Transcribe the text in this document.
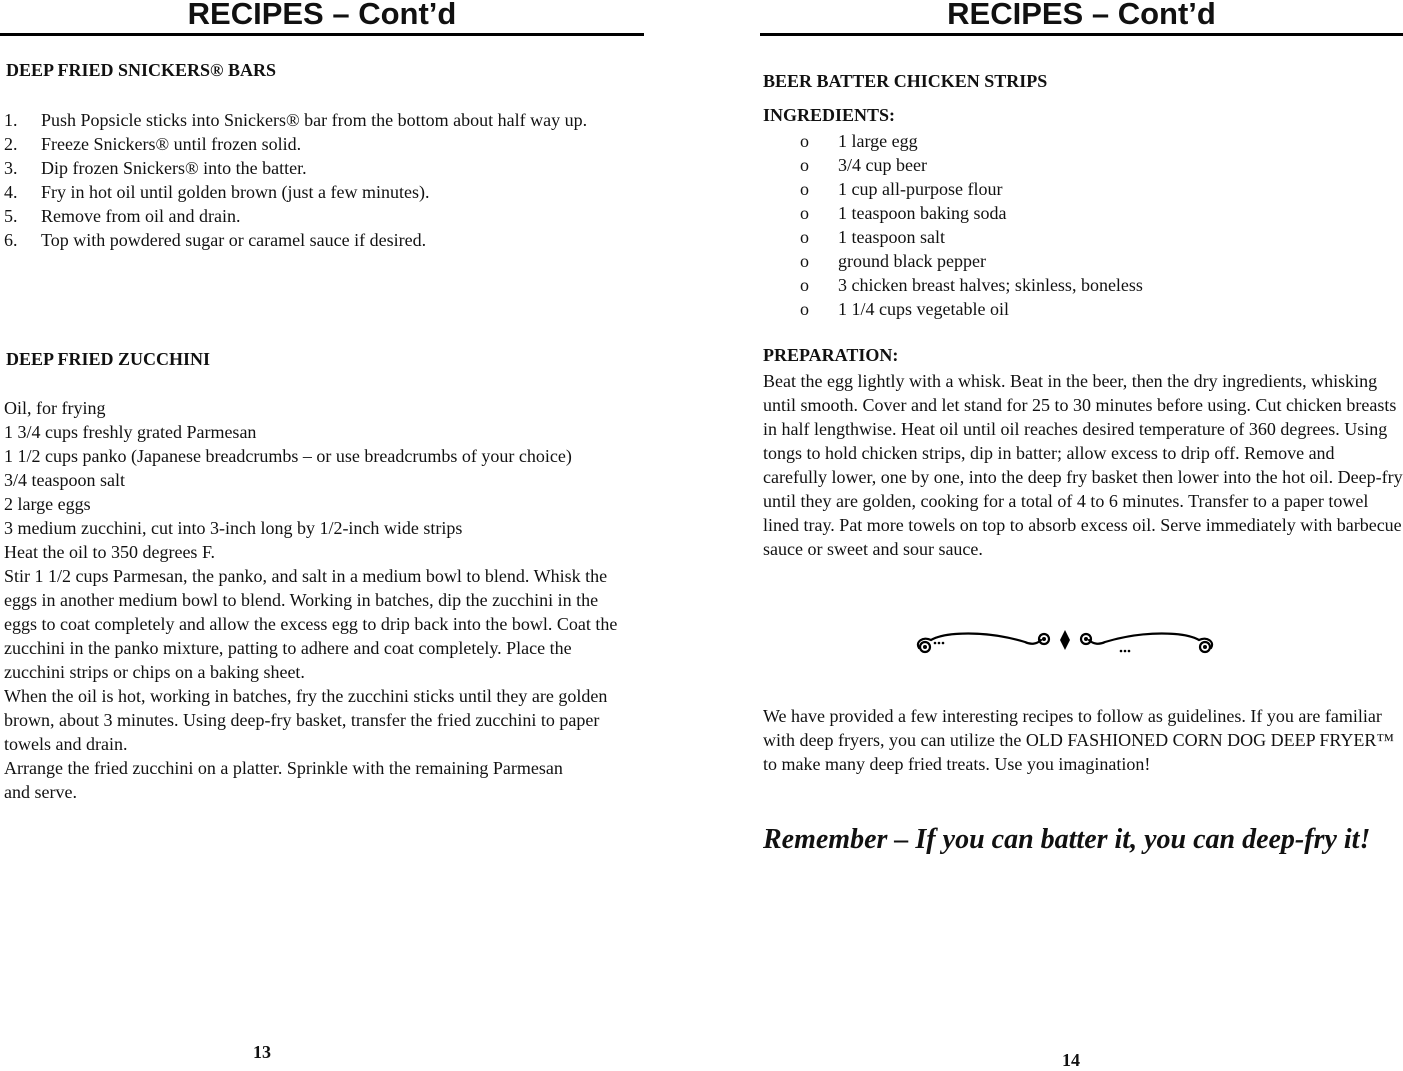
RECIPES – Cont’d
DEEP FRIED SNICKERS® BARS
1.	Push Popsicle sticks into Snickers® bar from the bottom about half way up.
2.	Freeze Snickers® until frozen solid.
3.	Dip frozen Snickers® into the batter.
4.	Fry in hot oil until golden brown (just a few minutes).
5.	Remove from oil and drain.
6.	Top with powdered sugar or caramel sauce if desired.
DEEP FRIED ZUCCHINI
Oil, for frying
1 3/4 cups freshly grated Parmesan
1 1/2 cups panko (Japanese breadcrumbs – or use breadcrumbs of your choice)
3/4 teaspoon salt
2 large eggs
3 medium zucchini, cut into 3-inch long by 1/2-inch wide strips
Heat the oil to 350 degrees F.
Stir 1 1/2 cups Parmesan, the panko, and salt in a medium bowl to blend. Whisk the eggs in another medium bowl to blend. Working in batches, dip the zucchini in the eggs to coat completely and allow the excess egg to drip back into the bowl. Coat the zucchini in the panko mixture, patting to adhere and coat completely. Place the zucchini strips or chips on a baking sheet.
When the oil is hot, working in batches, fry the zucchini sticks until they are golden brown, about 3 minutes. Using deep-fry basket, transfer the fried zucchini to paper towels and drain.
Arrange the fried zucchini on a platter. Sprinkle with the remaining Parmesan and serve.
13
RECIPES – Cont’d
BEER BATTER CHICKEN STRIPS
INGREDIENTS:
o	1 large egg
o	3/4 cup beer
o	1 cup all-purpose flour
o	1 teaspoon baking soda
o	1 teaspoon salt
o	ground black pepper
o	3 chicken breast halves; skinless, boneless
o	1 1/4 cups vegetable oil
PREPARATION:
Beat the egg lightly with a whisk. Beat in the beer, then the dry ingredients, whisking until smooth. Cover and let stand for 25 to 30 minutes before using. Cut chicken breasts in half lengthwise. Heat oil until oil reaches desired temperature of 360 degrees. Using tongs to hold chicken strips, dip in batter; allow excess to drip off. Remove and carefully lower, one by one, into the deep fry basket then lower into the hot oil. Deep-fry until they are golden, cooking for a total of 4 to 6 minutes. Transfer to a paper towel lined tray. Pat more towels on top to absorb excess oil. Serve immediately with barbecue sauce or sweet and sour sauce.
We have provided a few interesting recipes to follow as guidelines. If you are familiar with deep fryers, you can utilize the OLD FASHIONED CORN DOG DEEP FRYER™ to make many deep fried treats. Use you imagination!
Remember – If you can batter it, you can deep-fry it!
14
